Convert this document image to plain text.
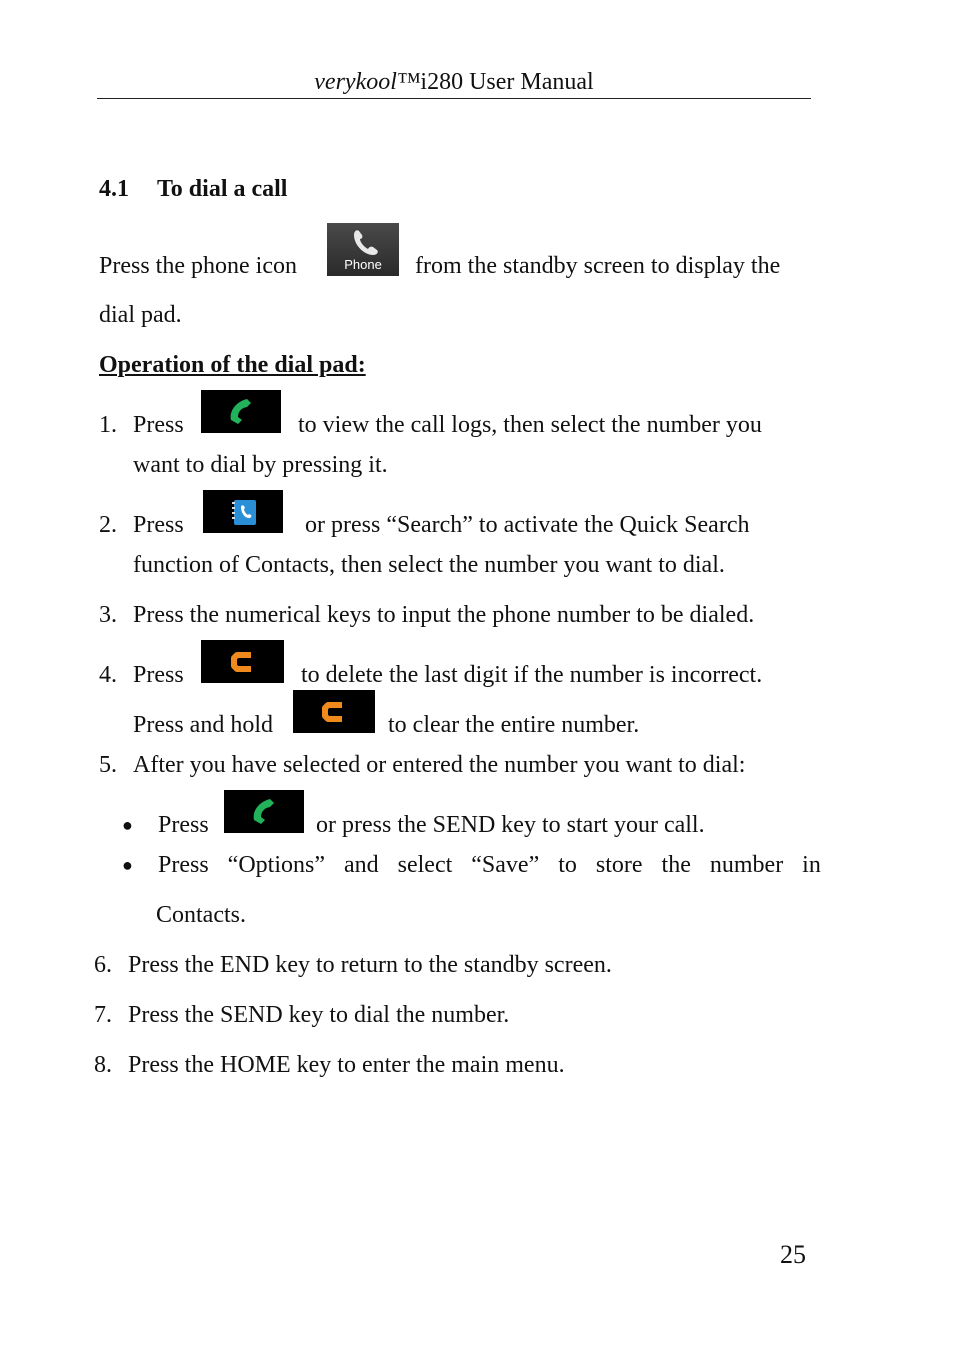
verykool™i280 User Manual
4.1 To dial a call
Press the phone icon	Phone	from the standby screen to display the
dial pad.
Operation of the dial pad:
1. Press	to view the call logs, then select the number you
want to dial by pressing it.
2. Press	or press “Search” to activate the Quick Search
function of Contacts, then select the number you want to dial.
3. Press the numerical keys to input the phone number to be dialed.
4. Press	to delete the last digit if the number is incorrect.
Press and hold	to clear the entire number.
5. After you have selected or entered the number you want to dial:
● Press	or press the SEND key to start your call.
● Press “Options” and select “Save” to store the number in
Contacts.
6. Press the END key to return to the standby screen.
7. Press the SEND key to dial the number.
8. Press the HOME key to enter the main menu.
25
